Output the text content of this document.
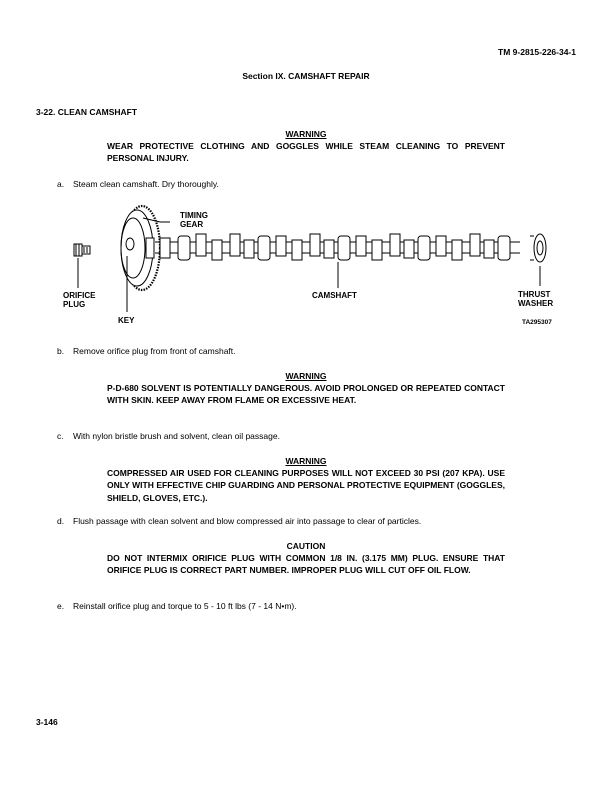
TM 9-2815-226-34-1
Section IX. CAMSHAFT REPAIR
3-22. CLEAN CAMSHAFT
WARNING
WEAR PROTECTIVE CLOTHING AND GOGGLES WHILE STEAM CLEANING TO PREVENT PERSONAL INJURY.
a. Steam clean camshaft. Dry thoroughly.
TIMING
GEAR
ORIFICE
PLUG
KEY
CAMSHAFT	THRUST
WASHER
TA295307
b. Remove orifice plug from front of camshaft.
WARNING
P-D-680 SOLVENT IS POTENTIALLY DANGEROUS. AVOID PROLONGED OR REPEATED CONTACT WITH SKIN. KEEP AWAY FROM FLAME OR EXCESSIVE HEAT.
c. With nylon bristle brush and solvent, clean oil passage.
WARNING
COMPRESSED AIR USED FOR CLEANING PURPOSES WILL NOT EXCEED 30 PSI (207 KPA). USE ONLY WITH EFFECTIVE CHIP GUARDING AND PERSONAL PROTECTIVE EQUIPMENT (GOGGLES, SHIELD, GLOVES, ETC.).
d. Flush passage with clean solvent and blow compressed air into passage to clear of particles.
CAUTION
DO NOT INTERMIX ORIFICE PLUG WITH COMMON 1/8 IN. (3.175 MM) PLUG. ENSURE THAT ORIFICE PLUG IS CORRECT PART NUMBER. IMPROPER PLUG WILL CUT OFF OIL FLOW.
e. Reinstall orifice plug and torque to 5 - 10 ft lbs (7 - 14 N•m).
3-146
